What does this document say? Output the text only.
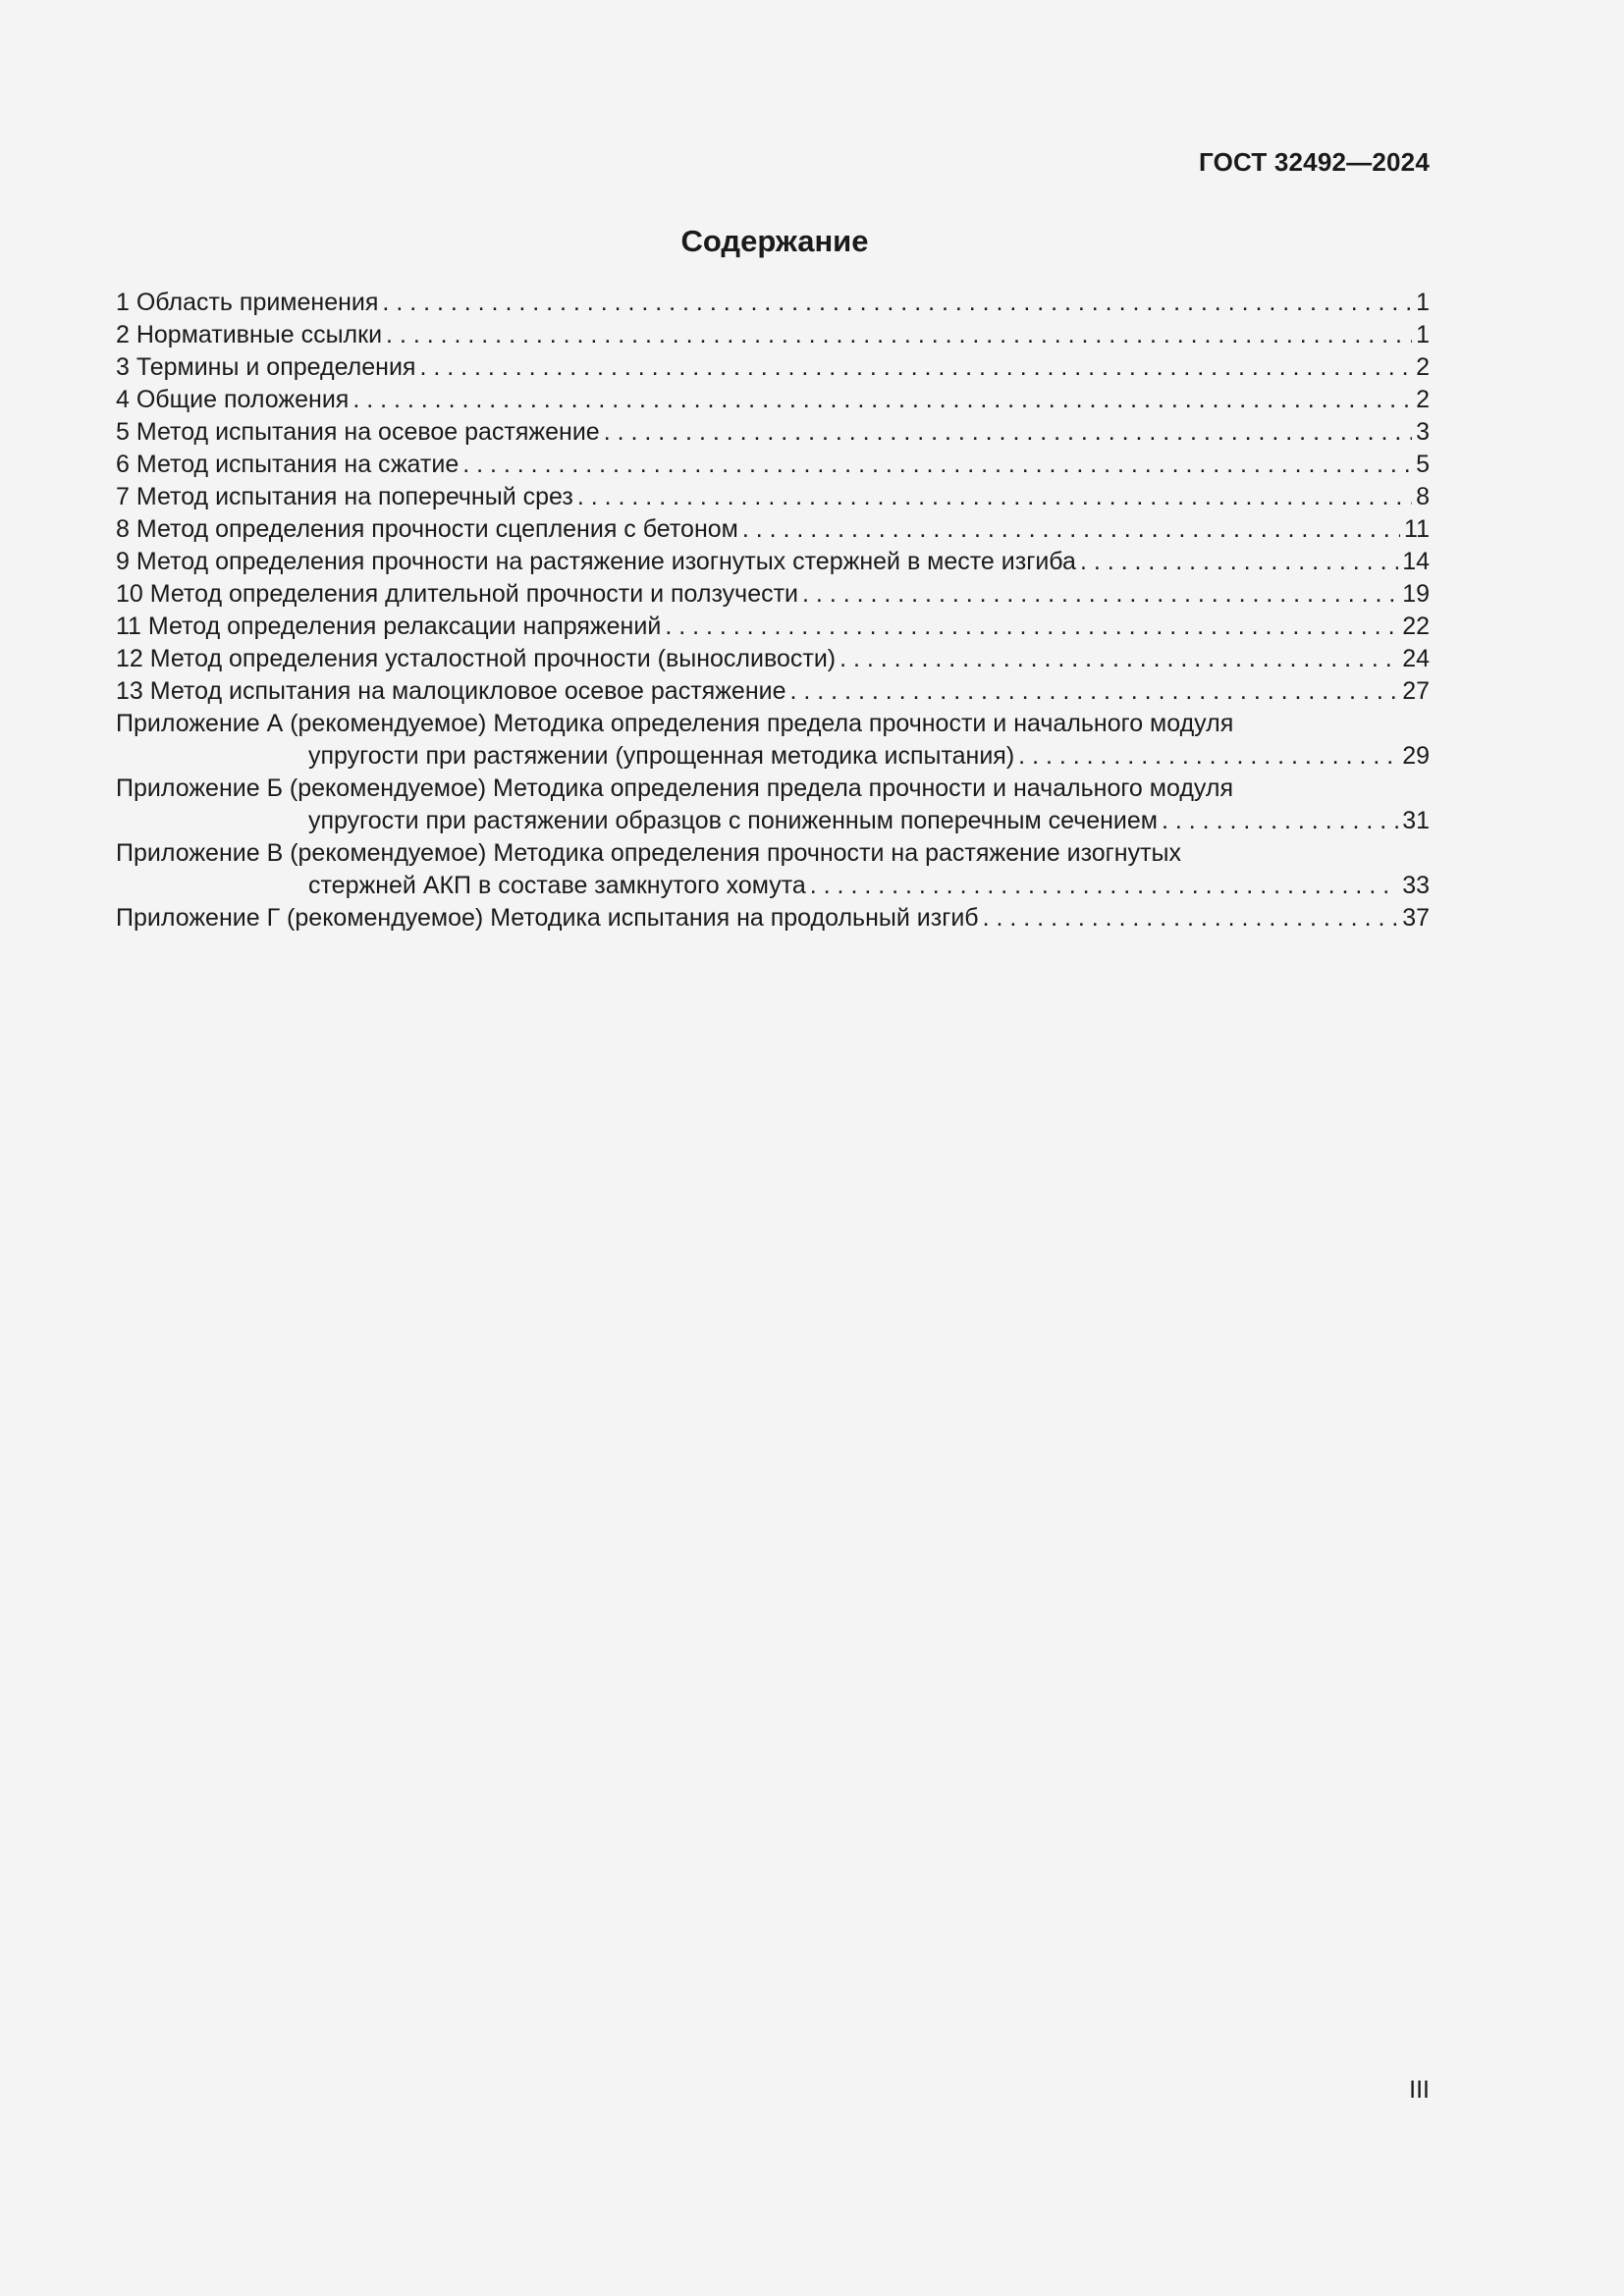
ГОСТ 32492—2024
Содержание
1 Область применения . . .	1
2 Нормативные ссылки . . .	1
3 Термины и определения . . .	2
4 Общие положения . . .	2
5 Метод испытания на осевое растяжение . . .	3
6 Метод испытания на сжатие . . .	5
7 Метод испытания на поперечный срез . . .	8
8 Метод определения прочности сцепления с бетоном . . .	11
9 Метод определения прочности на растяжение изогнутых стержней в месте изгиба . . .	14
10 Метод определения длительной прочности и ползучести . . .	19
11 Метод определения релаксации напряжений . . .	22
12 Метод определения усталостной прочности (выносливости) . . .	24
13 Метод испытания на малоцикловое осевое растяжение . . .	27
Приложение А (рекомендуемое) Методика определения предела прочности и начального модуля
упругости при растяжении (упрощенная методика испытания) . . .	29
Приложение Б (рекомендуемое) Методика определения предела прочности и начального модуля
упругости при растяжении образцов с пониженным поперечным сечением . . .	31
Приложение В (рекомендуемое) Методика определения прочности на растяжение изогнутых
стержней АКП в составе замкнутого хомута . . .	33
Приложение Г (рекомендуемое) Методика испытания на продольный изгиб . . .	37
III
